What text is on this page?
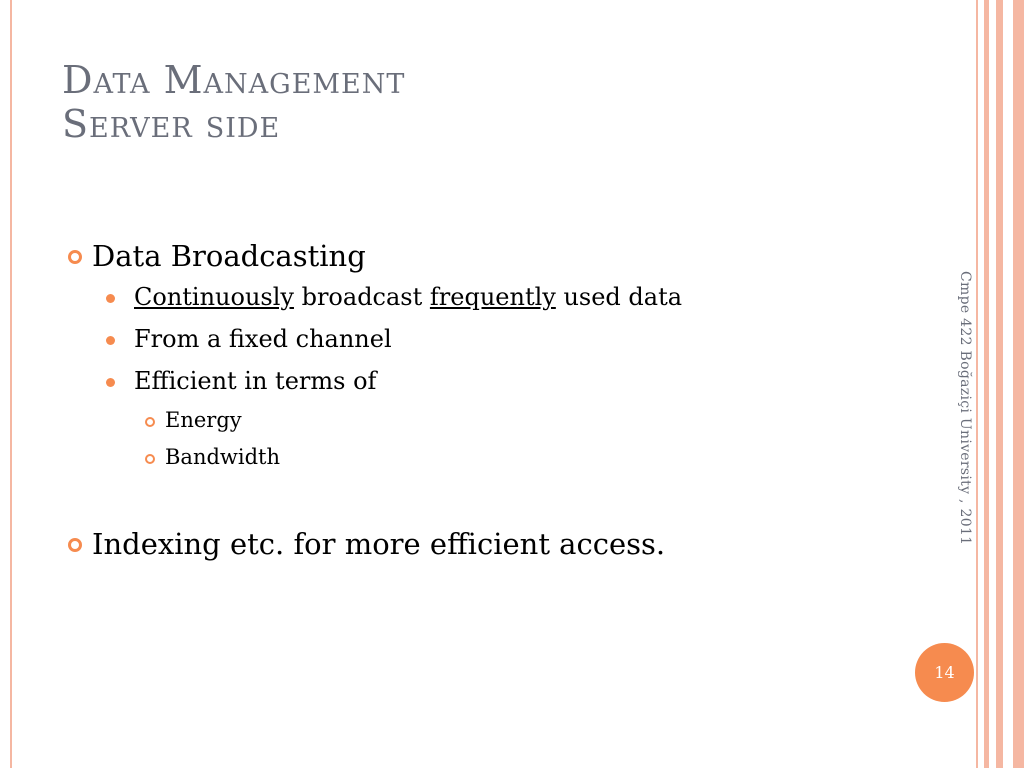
Data Management
Server side
Data Broadcasting
Continuously broadcast frequently used data
From a fixed channel
Efficient in terms of
Energy
Bandwidth
Indexing etc. for more efficient access.	Cmpe 422 Boğaziçi University , 2011
14
